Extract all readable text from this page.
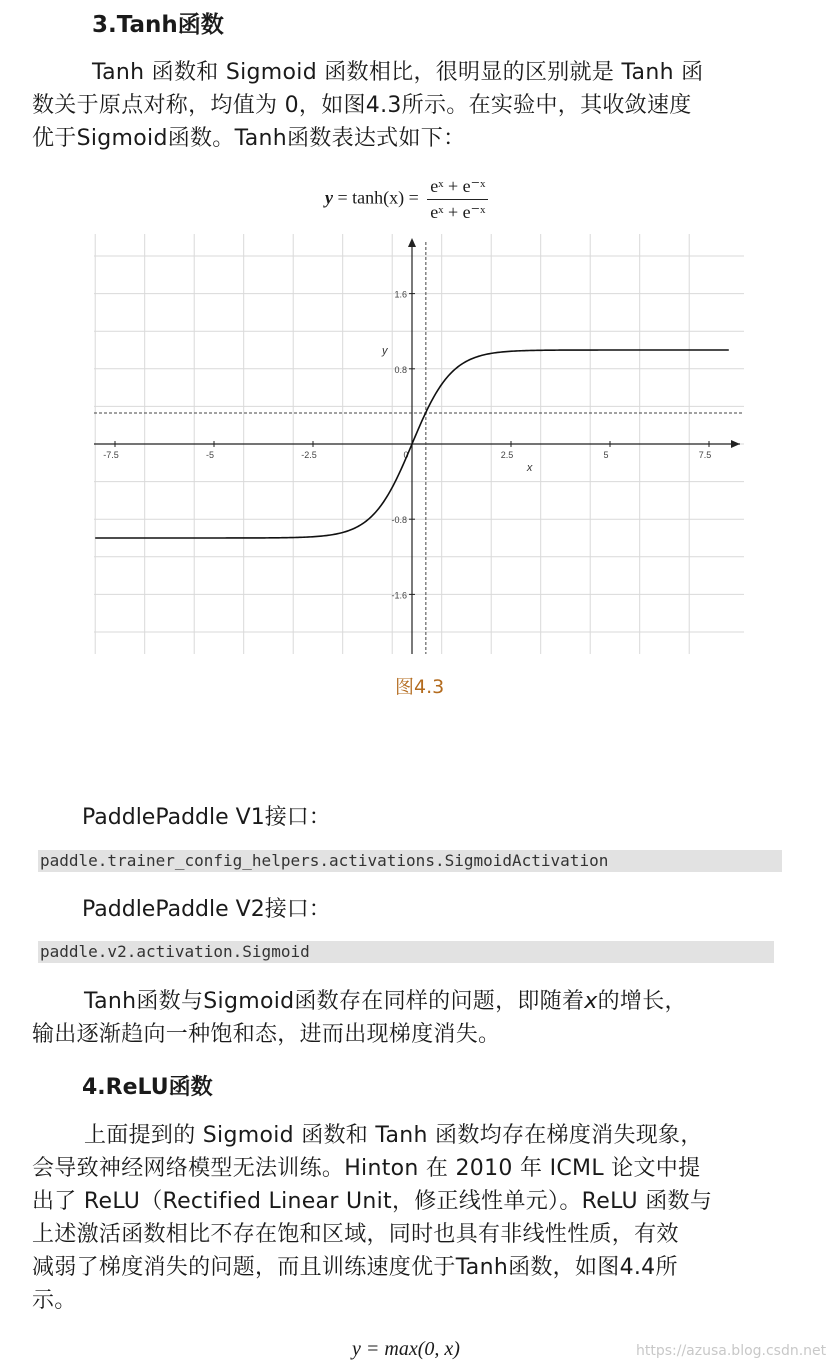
3.Tanh函数

Tanh 函数和 Sigmoid 函数相比，很明显的区别就是 Tanh 函

数关于原点对称，均值为 0，如图4.3所示。在实验中，其收敛速度

优于Sigmoid函数。Tanh函数表达式如下：

$y = \tanh(x) = \frac{\text{eˣ + e⁻ˣ}}{\text{eˣ + e⁻ˣ}}$
-7.5	-5	-2.5	0	2.5	5	7.5
1.6
0.8
-0.8
-1.6
x
y
图4.3
PaddlePaddle V1接口：
paddle.trainer_config_helpers.activations.SigmoidActivation
PaddlePaddle V2接口：
paddle.v2.activation.Sigmoid

Tanh函数与Sigmoid函数存在同样的问题，即随着x的增长，

输出逐渐趋向一种饱和态，进而出现梯度消失。

4.ReLU函数

上面提到的 Sigmoid 函数和 Tanh 函数均存在梯度消失现象，

会导致神经网络模型无法训练。Hinton 在 2010 年 ICML 论文中提

出了 ReLU（Rectified Linear Unit，修正线性单元）。ReLU 函数与

上述激活函数相比不存在饱和区域，同时也具有非线性性质，有效

减弱了梯度消失的问题，而且训练速度优于Tanh函数，如图4.4所

示。

y = max(0, x)	https://azusa.blog.csdn.net
